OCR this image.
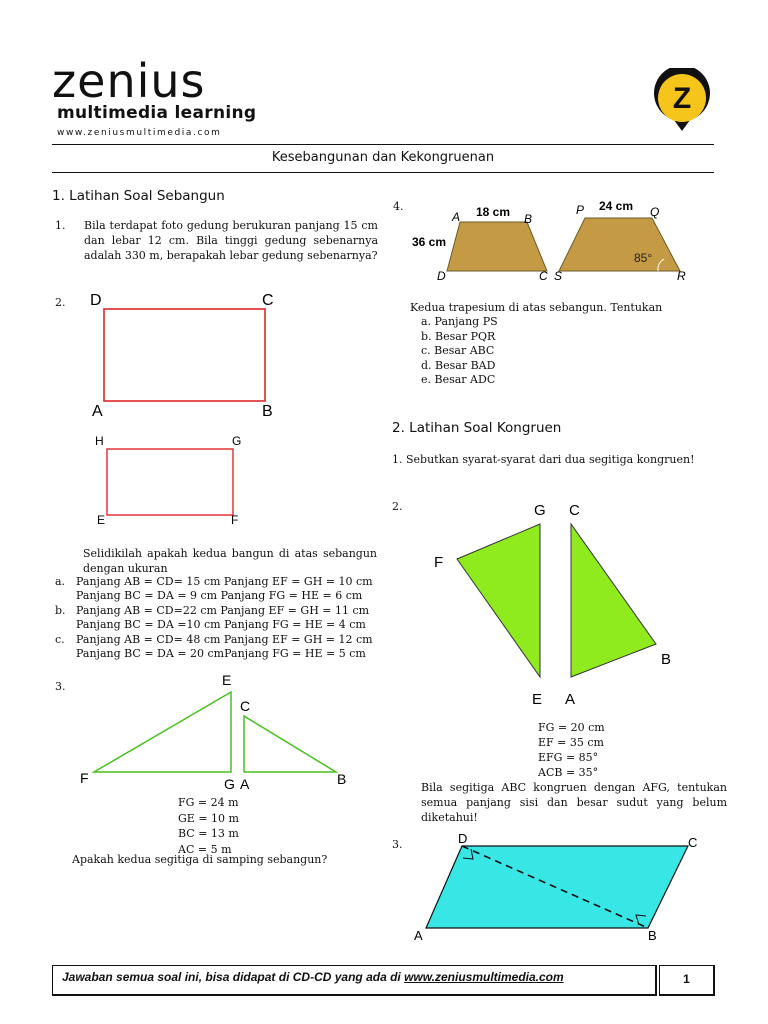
zenius
multimedia learning
www.zeniusmultimedia.com
Z
Kesebangunan dan Kekongruenan
1. Latihan Soal Sebangun
1. Bila terdapat foto gedung berukuran panjang 15 cm dan lebar 12 cm. Bila tinggi gedung sebenarnya adalah 330 m, berapakah lebar gedung sebenarnya?
2. D	C
A	B
H	G
E	F
Selidikilah apakah kedua bangun di atas sebangun dengan ukuran
a. Panjang AB = CD= 15 cm Panjang EF = GH = 10 cm
Panjang BC = DA = 9 cm Panjang FG = HE = 6 cm
b. Panjang AB = CD=22 cm Panjang EF = GH = 11 cm
Panjang BC = DA =10 cm Panjang FG = HE = 4 cm
c. Panjang AB = CD= 48 cm Panjang EF = GH = 12 cm
Panjang BC = DA = 20 cmPanjang FG = HE = 5 cm
3.	E
C
F	G A	B
FG = 24 m
GE = 10 m
BC = 13 m
AC = 5 m
Apakah kedua segitiga di samping sebangun?
4.
A	B
D	C
18 cm
36 cm
P	Q
S	R
24 cm
85°
Kedua trapesium di atas sebangun. Tentukan
a. Panjang PS
b. Besar PQR
c. Besar ABC
d. Besar BAD
e. Besar ADC
2. Latihan Soal Kongruen
1. Sebutkan syarat-syarat dari dua segitiga kongruen!
2.	G C
F
B
E A
FG = 20 cm
EF = 35 cm
EFG = 85°
ACB = 35°
Bila segitiga ABC kongruen dengan AFG, tentukan semua panjang sisi dan besar sudut yang belum diketahui!
3.	D	C
A	B
Jawaban semua soal ini, bisa didapat di CD-CD yang ada di www.zeniusmultimedia.com	1
